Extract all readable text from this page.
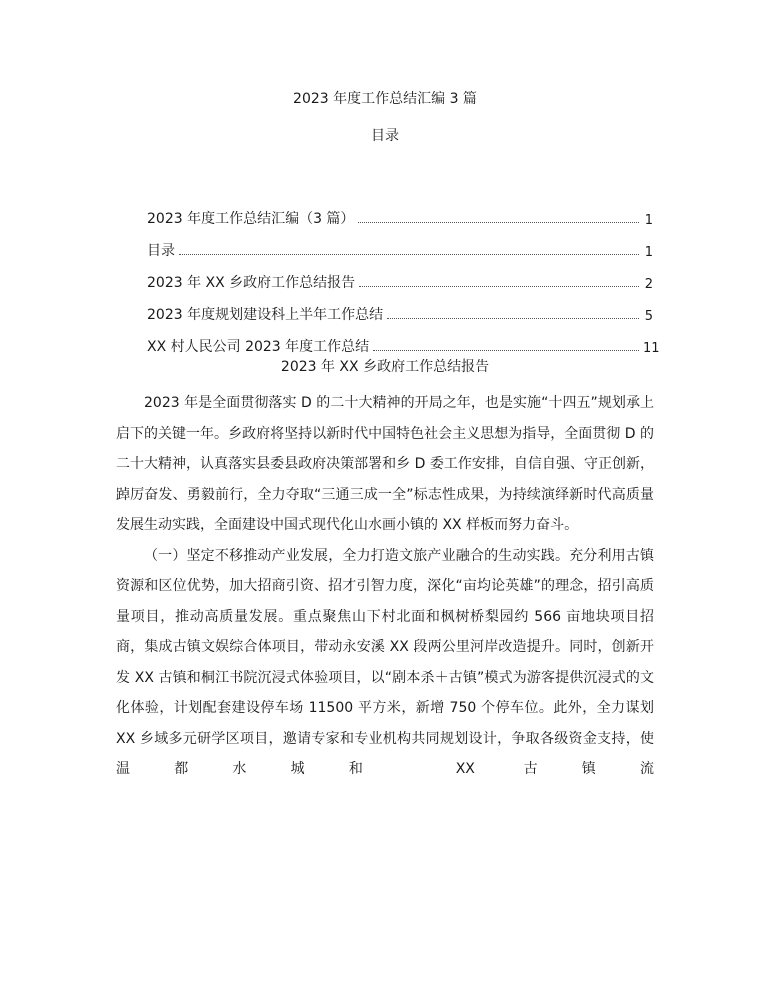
2023 年度工作总结汇编 3 篇
目录
2023 年度工作总结汇编（3 篇）	1
目录	1
2023 年 XX 乡政府工作总结报告	2
2023 年度规划建设科上半年工作总结	5
XX 村人民公司 2023 年度工作总结	11
2023 年 XX 乡政府工作总结报告

2023 年是全面贯彻落实 D 的二十大精神的开局之年，也是实施“十四五”规划承上启下的关键一年。乡政府将坚持以新时代中国特色社会主义思想为指导，全面贯彻 D 的二十大精神，认真落实县委县政府决策部署和乡 D 委工作安排，自信自强、守正创新，踔厉奋发、勇毅前行，全力夺取“三通三成一全”标志性成果，为持续演绎新时代高质量发展生动实践，全面建设中国式现代化山水画小镇的 XX 样板而努力奋斗。

（一）坚定不移推动产业发展，全力打造文旅产业融合的生动实践。充分利用古镇资源和区位优势，加大招商引资、招才引智力度，深化“亩均论英雄”的理念，招引高质量项目，推动高质量发展。重点聚焦山下村北面和枫树桥梨园约 566 亩地块项目招商，集成古镇文娱综合体项目，带动永安溪 XX 段两公里河岸改造提升。同时，创新开发 XX 古镇和桐江书院沉浸式体验项目，以“剧本杀＋古镇”模式为游客提供沉浸式的文化体验，计划配套建设停车场 11500 平方米，新增 750 个停车位。此外，全力谋划 XX 乡域多元研学区项目，邀请专家和专业机构共同规划设计，争取各级资金支持，使温都水城和 XX 古镇流
